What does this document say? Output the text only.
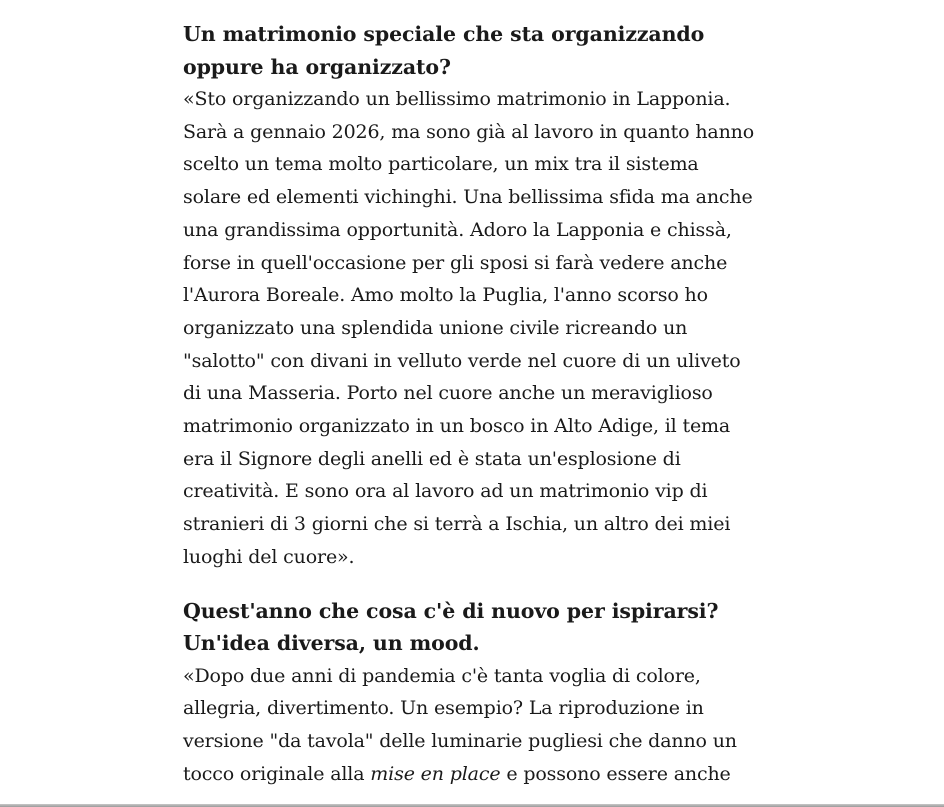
Un matrimonio speciale che sta organizzando
oppure ha organizzato?

«Sto organizzando un bellissimo matrimonio in Lapponia.
Sarà a gennaio 2026, ma sono già al lavoro in quanto hanno
scelto un tema molto particolare, un mix tra il sistema
solare ed elementi vichinghi. Una bellissima sfida ma anche
una grandissima opportunità. Adoro la Lapponia e chissà,
forse in quell'occasione per gli sposi si farà vedere anche
l'Aurora Boreale. Amo molto la Puglia, l'anno scorso ho
organizzato una splendida unione civile ricreando un
"salotto" con divani in velluto verde nel cuore di un uliveto
di una Masseria. Porto nel cuore anche un meraviglioso
matrimonio organizzato in un bosco in Alto Adige, il tema
era il Signore degli anelli ed è stata un'esplosione di
creatività. E sono ora al lavoro ad un matrimonio vip di
stranieri di 3 giorni che si terrà a Ischia, un altro dei miei
luoghi del cuore».

Quest'anno che cosa c'è di nuovo per ispirarsi?
Un'idea diversa, un mood.

«Dopo due anni di pandemia c'è tanta voglia di colore,
allegria, divertimento. Un esempio? La riproduzione in
versione "da tavola" delle luminarie pugliesi che danno un
tocco originale alla mise en place e possono essere anche
